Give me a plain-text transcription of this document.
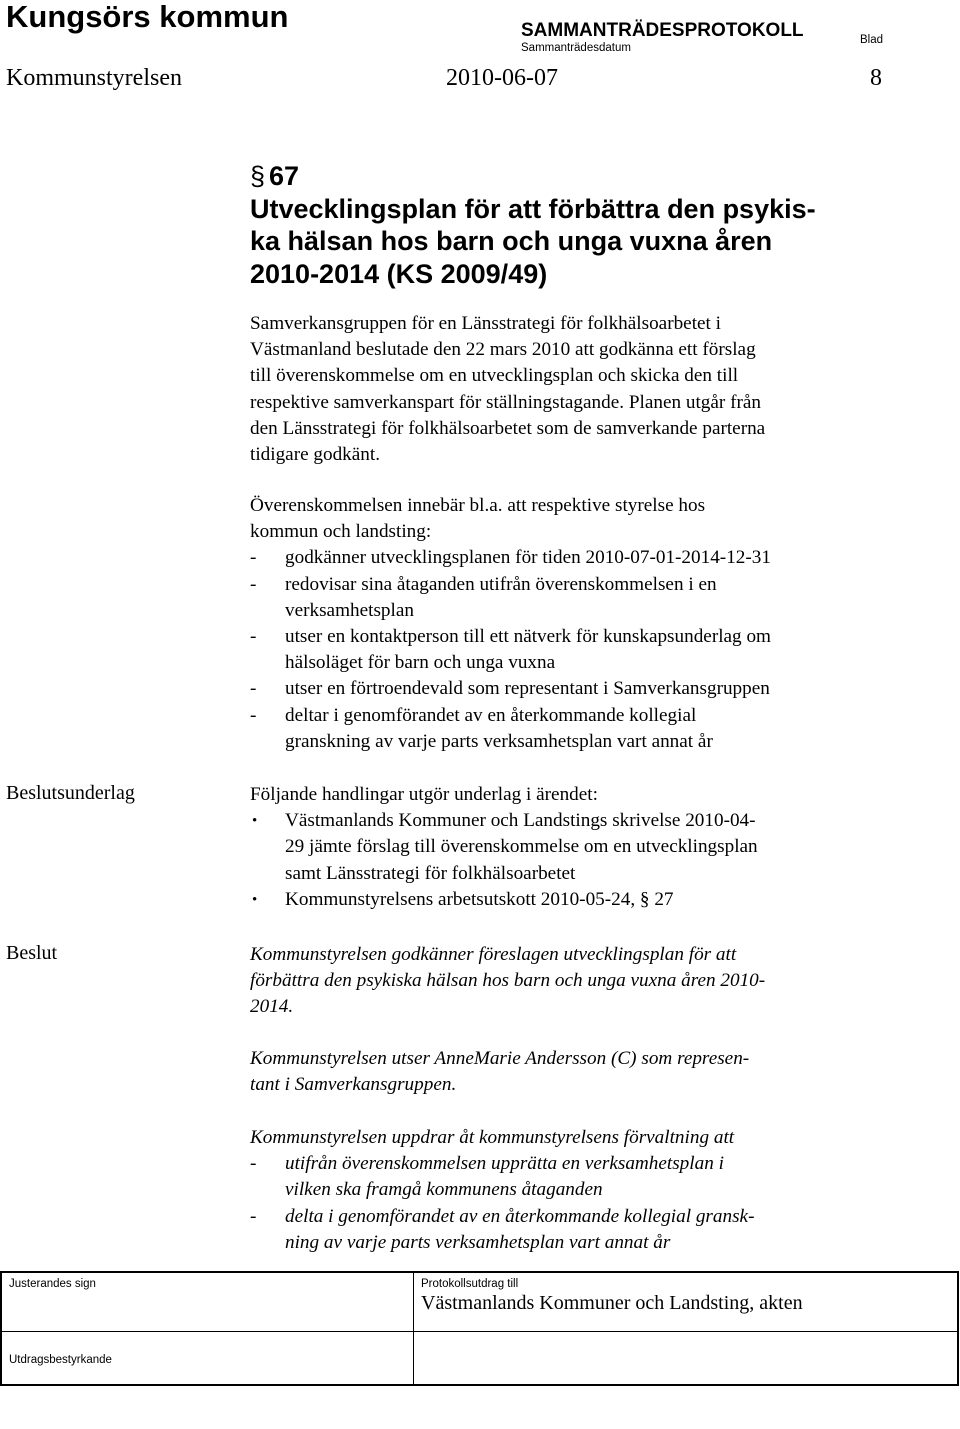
Kungsörs kommun	SAMMANTRÄDESPROTOKOLL
Sammanträdesdatum
Blad
Kommunstyrelsen	2010-06-07	8
§ 67
Utvecklingsplan för att förbättra den psykis-
ka hälsan hos barn och unga vuxna åren
2010-2014 (KS 2009/49)
Samverkansgruppen för en Länsstrategi för folkhälsoarbetet i
Västmanland beslutade den 22 mars 2010 att godkänna ett förslag
till överenskommelse om en utvecklingsplan och skicka den till
respektive samverkanspart för ställningstagande. Planen utgår från
den Länsstrategi för folkhälsoarbetet som de samverkande parterna
tidigare godkänt.
Överenskommelsen innebär bl.a. att respektive styrelse hos
kommun och landsting:
-	godkänner utvecklingsplanen för tiden 2010-07-01-2014-12-31
-	redovisar sina åtaganden utifrån överenskommelsen i en
verksamhetsplan
-	utser en kontaktperson till ett nätverk för kunskapsunderlag om
hälsoläget för barn och unga vuxna
-	utser en förtroendevald som representant i Samverkansgruppen
-	deltar i genomförandet av en återkommande kollegial
granskning av varje parts verksamhetsplan vart annat år
Beslutsunderlag	Följande handlingar utgör underlag i ärendet:
•	Västmanlands Kommuner och Landstings skrivelse 2010-04-
29 jämte förslag till överenskommelse om en utvecklingsplan
samt Länsstrategi för folkhälsoarbetet
•	Kommunstyrelsens arbetsutskott 2010-05-24, § 27
Beslut	Kommunstyrelsen godkänner föreslagen utvecklingsplan för att
förbättra den psykiska hälsan hos barn och unga vuxna åren 2010-
2014.
Kommunstyrelsen utser AnneMarie Andersson (C) som represen-
tant i Samverkansgruppen.
Kommunstyrelsen uppdrar åt kommunstyrelsens förvaltning att
-	utifrån överenskommelsen upprätta en verksamhetsplan i
vilken ska framgå kommunens åtaganden
-	delta i genomförandet av en återkommande kollegial gransk-
ning av varje parts verksamhetsplan vart annat år
Justerandes sign	Protokollsutdrag till
Västmanlands Kommuner och Landsting, akten
Utdragsbestyrkande
